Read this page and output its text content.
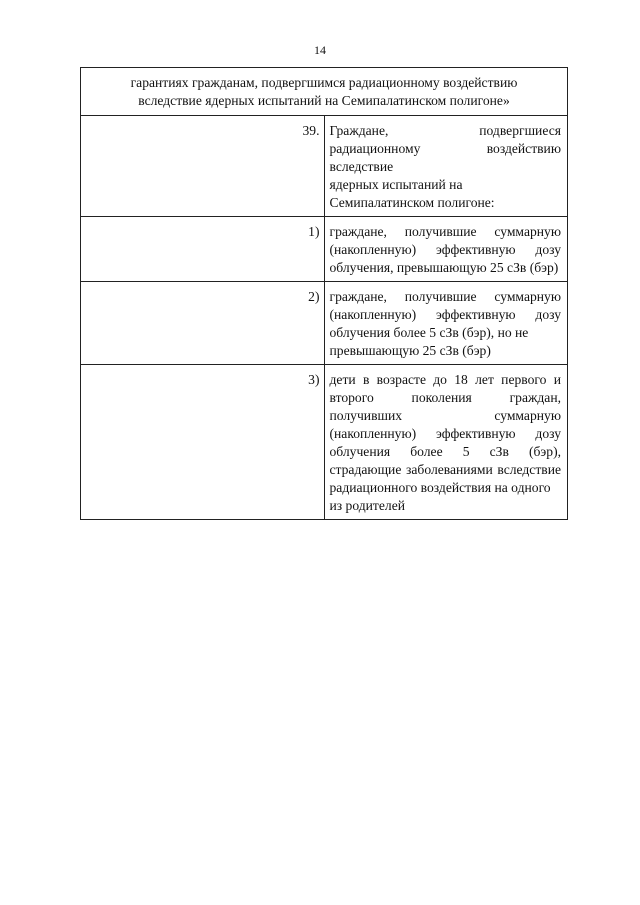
14
гарантиях гражданам, подвергшимся радиационному воздействию
вследствие ядерных испытаний на Семипалатинском полигоне»	

39.	Граждане, подвергшиеся радиационному воздействию вследствие
ядерных испытаний на Семипалатинском полигоне:

1)	граждане, получившие суммарную (накопленную) эффективную дозу
облучения, превышающую 25 сЗв (бэр)

2)	граждане, получившие суммарную (накопленную) эффективную дозу
облучения более 5 сЗв (бэр), но не превышающую 25 сЗв (бэр)

3)	дети в возрасте до 18 лет первого и второго поколения граждан,
получивших суммарную (накопленную) эффективную дозу
облучения более 5 сЗв (бэр), страдающие заболеваниями вследствие
радиационного воздействия на одного из родителей
